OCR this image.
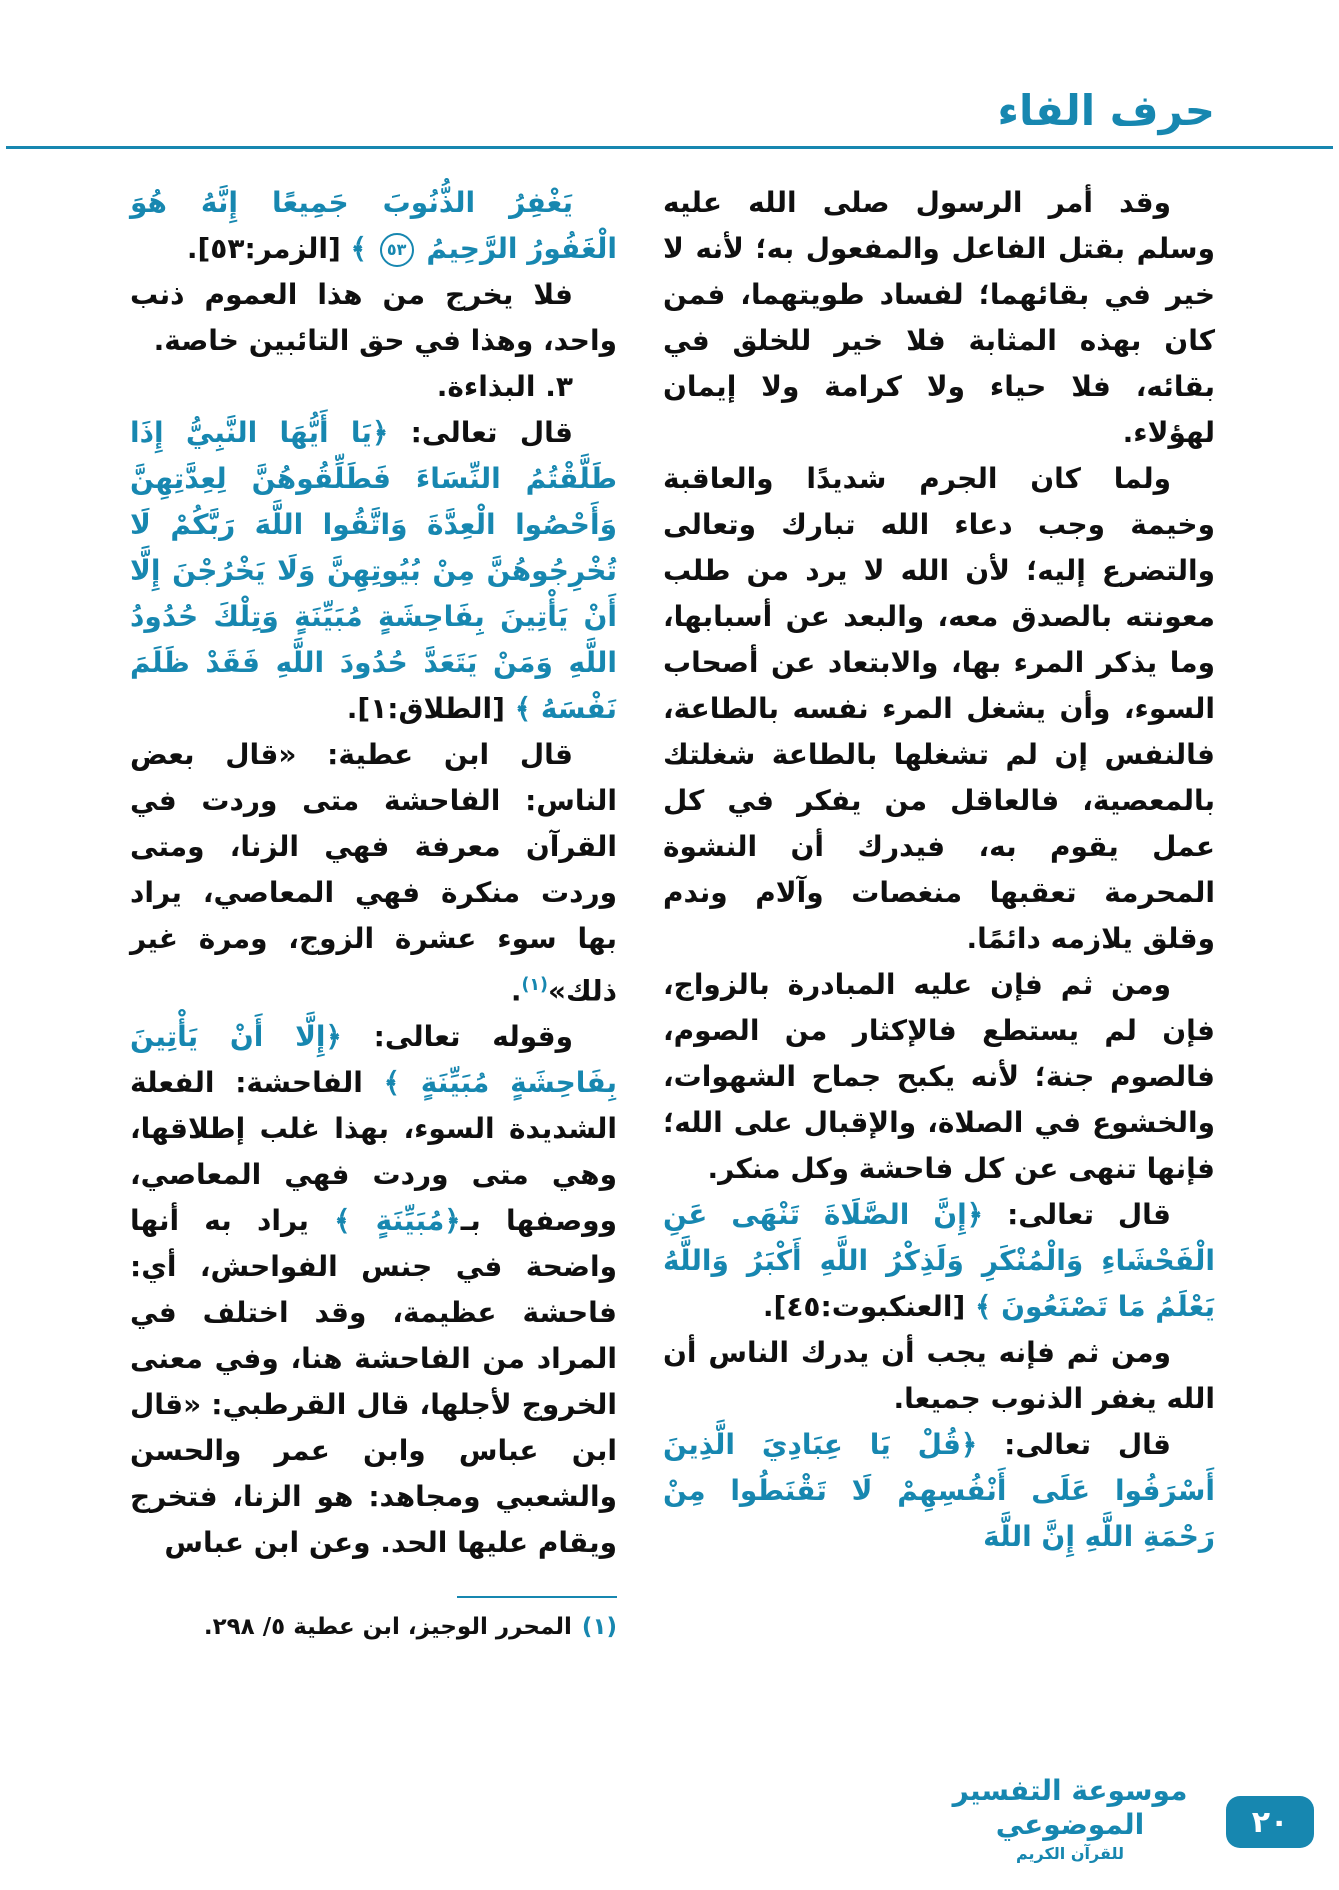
حرف الفاء

وقد أمر الرسول صلى الله عليه وسلم بقتل الفاعل والمفعول به؛ لأنه لا خير في بقائهما؛ لفساد طويتهما، فمن كان بهذه المثابة فلا خير للخلق في بقائه، فلا حياء ولا كرامة ولا إيمان لهؤلاء.

ولما كان الجرم شديدًا والعاقبة وخيمة وجب دعاء الله تبارك وتعالى والتضرع إليه؛ لأن الله لا يرد من طلب معونته بالصدق معه، والبعد عن أسبابها، وما يذكر المرء بها، والابتعاد عن أصحاب السوء، وأن يشغل المرء نفسه بالطاعة، فالنفس إن لم تشغلها بالطاعة شغلتك بالمعصية، فالعاقل من يفكر في كل عمل يقوم به، فيدرك أن النشوة المحرمة تعقبها منغصات وآلام وندم وقلق يلازمه دائمًا.

ومن ثم فإن عليه المبادرة بالزواج، فإن لم يستطع فالإكثار من الصوم، فالصوم جنة؛ لأنه يكبح جماح الشهوات، والخشوع في الصلاة، والإقبال على الله؛ فإنها تنهى عن كل فاحشة وكل منكر.

قال تعالى: ﴿إِنَّ الصَّلَاةَ تَنْهَى عَنِ الْفَحْشَاءِ وَالْمُنْكَرِ وَلَذِكْرُ اللَّهِ أَكْبَرُ وَاللَّهُ يَعْلَمُ مَا تَصْنَعُونَ ﴾ [العنكبوت:٤٥].

ومن ثم فإنه يجب أن يدرك الناس أن الله يغفر الذنوب جميعا.

قال تعالى: ﴿قُلْ يَا عِبَادِيَ الَّذِينَ أَسْرَفُوا عَلَى أَنْفُسِهِمْ لَا تَقْنَطُوا مِنْ رَحْمَةِ اللَّهِ إِنَّ اللَّهَ

يَغْفِرُ الذُّنُوبَ جَمِيعًا إِنَّهُ هُوَ الْغَفُورُ الرَّحِيمُ ٥٣ ﴾ [الزمر:٥٣].

فلا يخرج من هذا العموم ذنب واحد، وهذا في حق التائبين خاصة.

٣. البذاءة.

قال تعالى: ﴿يَا أَيُّهَا النَّبِيُّ إِذَا طَلَّقْتُمُ النِّسَاءَ فَطَلِّقُوهُنَّ لِعِدَّتِهِنَّ وَأَحْصُوا الْعِدَّةَ وَاتَّقُوا اللَّهَ رَبَّكُمْ لَا تُخْرِجُوهُنَّ مِنْ بُيُوتِهِنَّ وَلَا يَخْرُجْنَ إِلَّا أَنْ يَأْتِينَ بِفَاحِشَةٍ مُبَيِّنَةٍ وَتِلْكَ حُدُودُ اللَّهِ وَمَنْ يَتَعَدَّ حُدُودَ اللَّهِ فَقَدْ ظَلَمَ نَفْسَهُ ﴾ [الطلاق:١].

قال ابن عطية: «قال بعض الناس: الفاحشة متى وردت في القرآن معرفة فهي الزنا، ومتى وردت منكرة فهي المعاصي، يراد بها سوء عشرة الزوج، ومرة غير ذلك»$^{(١)}$.

وقوله تعالى: ﴿إِلَّا أَنْ يَأْتِينَ بِفَاحِشَةٍ مُبَيِّنَةٍ ﴾ الفاحشة: الفعلة الشديدة السوء، بهذا غلب إطلاقها، وهي متى وردت فهي المعاصي، ووصفها بـ﴿مُبَيِّنَةٍ ﴾ يراد به أنها واضحة في جنس الفواحش، أي: فاحشة عظيمة، وقد اختلف في المراد من الفاحشة هنا، وفي معنى الخروج لأجلها، قال القرطبي: «قال ابن عباس وابن عمر والحسن والشعبي ومجاهد: هو الزنا، فتخرج ويقام عليها الحد. وعن ابن عباس

(١)المحرر الوجيز، ابن عطية ٥/ ٢٩٨.
موسوعة التفسير الموضوعي
للقرآن الكريم
٢٠
